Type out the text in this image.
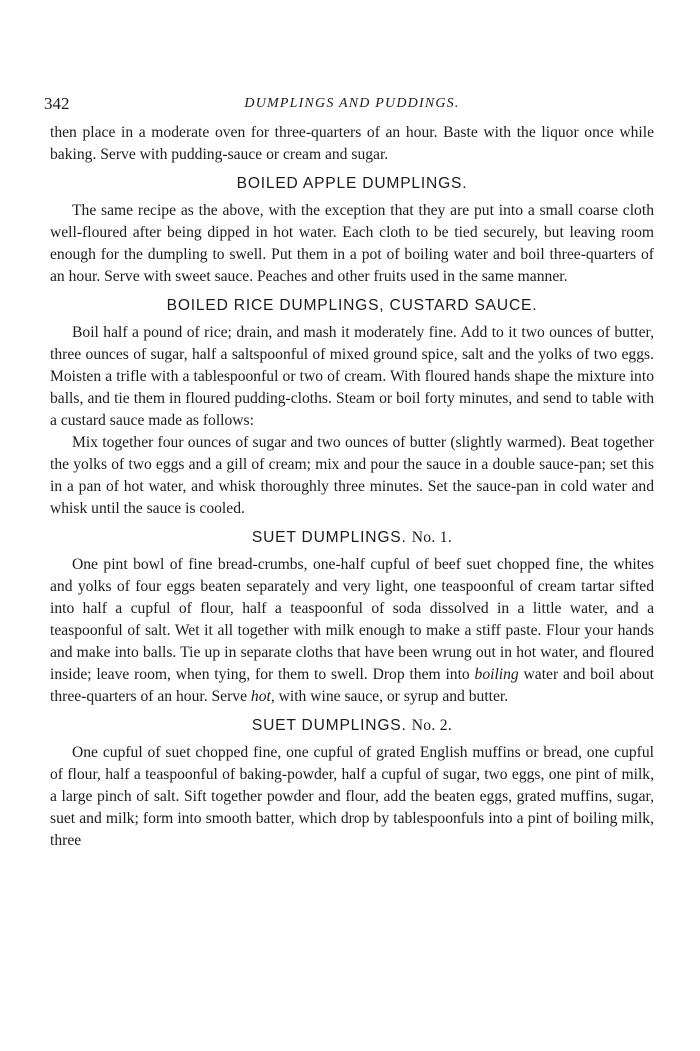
342	DUMPLINGS AND PUDDINGS.

then place in a moderate oven for three-quarters of an hour. Baste with the liquor once while baking. Serve with pudding-sauce or cream and sugar.

BOILED APPLE DUMPLINGS.

The same recipe as the above, with the exception that they are put into a small coarse cloth well-floured after being dipped in hot water. Each cloth to be tied securely, but leaving room enough for the dumpling to swell. Put them in a pot of boiling water and boil three-quarters of an hour. Serve with sweet sauce. Peaches and other fruits used in the same manner.

BOILED RICE DUMPLINGS, CUSTARD SAUCE.

Boil half a pound of rice; drain, and mash it moderately fine. Add to it two ounces of butter, three ounces of sugar, half a saltspoonful of mixed ground spice, salt and the yolks of two eggs. Moisten a trifle with a tablespoonful or two of cream. With floured hands shape the mixture into balls, and tie them in floured pudding-cloths. Steam or boil forty minutes, and send to table with a custard sauce made as follows:

Mix together four ounces of sugar and two ounces of butter (slightly warmed). Beat together the yolks of two eggs and a gill of cream; mix and pour the sauce in a double sauce-pan; set this in a pan of hot water, and whisk thoroughly three minutes. Set the sauce-pan in cold water and whisk until the sauce is cooled.

SUET DUMPLINGS. No. 1.

One pint bowl of fine bread-crumbs, one-half cupful of beef suet chopped fine, the whites and yolks of four eggs beaten separately and very light, one teaspoonful of cream tartar sifted into half a cupful of flour, half a teaspoonful of soda dissolved in a little water, and a teaspoonful of salt. Wet it all together with milk enough to make a stiff paste. Flour your hands and make into balls. Tie up in separate cloths that have been wrung out in hot water, and floured inside; leave room, when tying, for them to swell. Drop them into boiling water and boil about three-quarters of an hour. Serve hot, with wine sauce, or syrup and butter.

SUET DUMPLINGS. No. 2.

One cupful of suet chopped fine, one cupful of grated English muffins or bread, one cupful of flour, half a teaspoonful of baking-powder, half a cupful of sugar, two eggs, one pint of milk, a large pinch of salt. Sift together powder and flour, add the beaten eggs, grated muffins, sugar, suet and milk; form into smooth batter, which drop by tablespoonfuls into a pint of boiling milk, three
